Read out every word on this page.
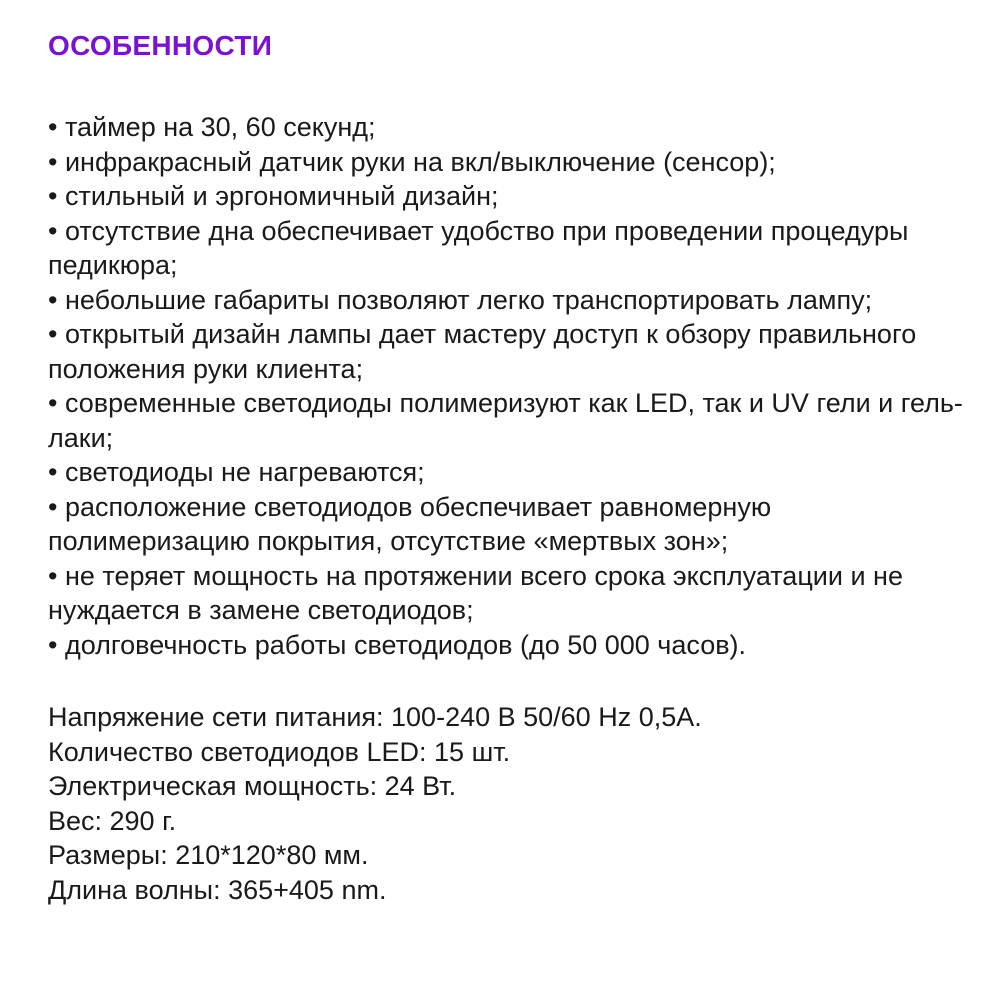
ОСОБЕННОСТИ
• таймер на 30, 60 секунд;
• инфракрасный датчик руки на вкл/выключение (сенсор);
• стильный и эргономичный дизайн;
• отсутствие дна обеспечивает удобство при проведении процедуры педикюра;
• небольшие габариты позволяют легко транспортировать лампу;
• открытый дизайн лампы дает мастеру доступ к обзору правильного положения руки клиента;
• современные светодиоды полимеризуют как LED, так и UV гели и гель-лаки;
• светодиоды не нагреваются;
• расположение светодиодов обеспечивает равномерную полимеризацию покрытия, отсутствие «мертвых зон»;
• не теряет мощность на протяжении всего срока эксплуатации и не нуждается в замене светодиодов;
• долговечность работы светодиодов (до 50 000 часов).

Напряжение сети питания: 100-240 В 50/60 Hz 0,5А.

Количество светодиодов LED: 15 шт.

Электрическая мощность: 24 Вт.

Вес: 290 г.

Размеры: 210*120*80 мм.

Длина волны: 365+405 nm.
